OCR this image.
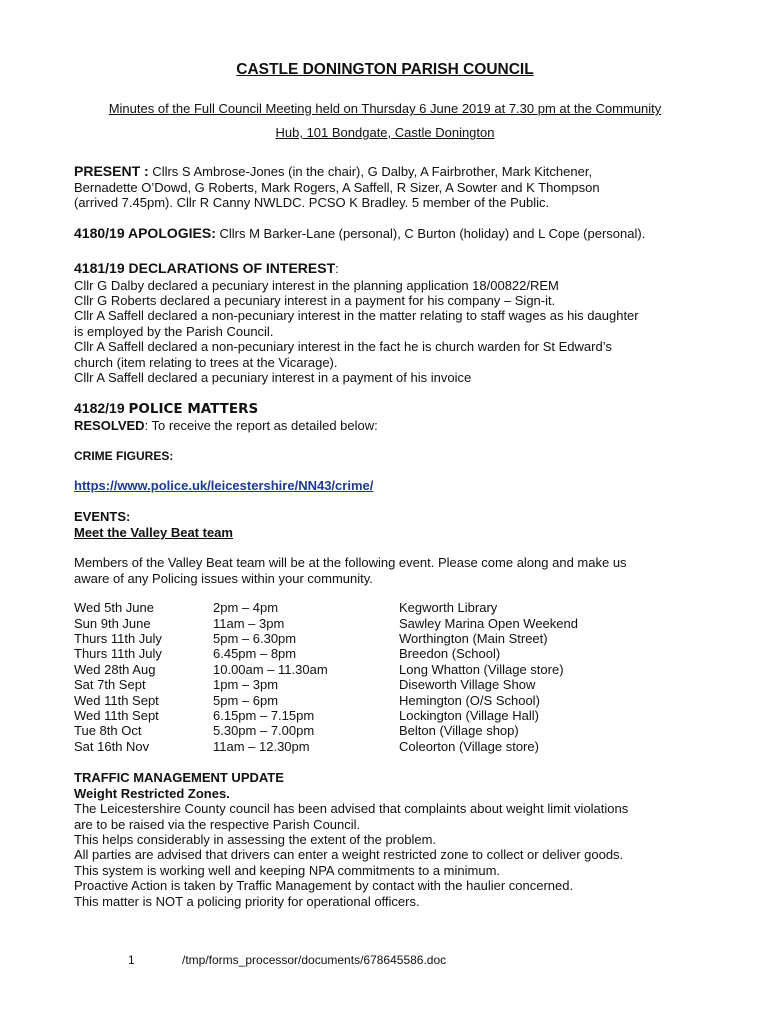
CASTLE DONINGTON PARISH COUNCIL
Minutes of the Full Council Meeting held on Thursday 6 June 2019 at 7.30 pm at the Community
Hub, 101 Bondgate, Castle Donington
PRESENT : Cllrs S Ambrose-Jones (in the chair), G Dalby, A Fairbrother, Mark Kitchener,
Bernadette O’Dowd, G Roberts, Mark Rogers, A Saffell, R Sizer, A Sowter and K Thompson
(arrived 7.45pm). Cllr R Canny NWLDC. PCSO K Bradley. 5 member of the Public.
4180/19 APOLOGIES: Cllrs M Barker-Lane (personal), C Burton (holiday) and L Cope (personal).
4181/19 DECLARATIONS OF INTEREST:
Cllr G Dalby declared a pecuniary interest in the planning application 18/00822/REM
Cllr G Roberts declared a pecuniary interest in a payment for his company – Sign-it.
Cllr A Saffell declared a non-pecuniary interest in the matter relating to staff wages as his daughter
is employed by the Parish Council.
Cllr A Saffell declared a non-pecuniary interest in the fact he is church warden for St Edward’s
church (item relating to trees at the Vicarage).
Cllr A Saffell declared a pecuniary interest in a payment of his invoice
4182/19 POLICE MATTERS
RESOLVED: To receive the report as detailed below:
CRIME FIGURES:
https://www.police.uk/leicestershire/NN43/crime/
EVENTS:
Meet the Valley Beat team
Members of the Valley Beat team will be at the following event. Please come along and make us
aware of any Policing issues within your community.
Wed 5th June	2pm – 4pm	Kegworth Library
Sun 9th June	11am – 3pm	Sawley Marina Open Weekend
Thurs 11th July	5pm – 6.30pm	Worthington (Main Street)
Thurs 11th July	6.45pm – 8pm	Breedon (School)
Wed 28th Aug	10.00am – 11.30am	Long Whatton (Village store)
Sat 7th Sept	1pm – 3pm	Diseworth Village Show
Wed 11th Sept	5pm – 6pm	Hemington (O/S School)
Wed 11th Sept	6.15pm – 7.15pm	Lockington (Village Hall)
Tue 8th Oct	5.30pm – 7.00pm	Belton (Village shop)
Sat 16th Nov	11am – 12.30pm	Coleorton (Village store)
TRAFFIC MANAGEMENT UPDATE
Weight Restricted Zones.
The Leicestershire County council has been advised that complaints about weight limit violations
are to be raised via the respective Parish Council.
This helps considerably in assessing the extent of the problem.
All parties are advised that drivers can enter a weight restricted zone to collect or deliver goods.
This system is working well and keeping NPA commitments to a minimum.
Proactive Action is taken by Traffic Management by contact with the haulier concerned.
This matter is NOT a policing priority for operational officers.
1	/tmp/forms_processor/documents/678645586.doc
